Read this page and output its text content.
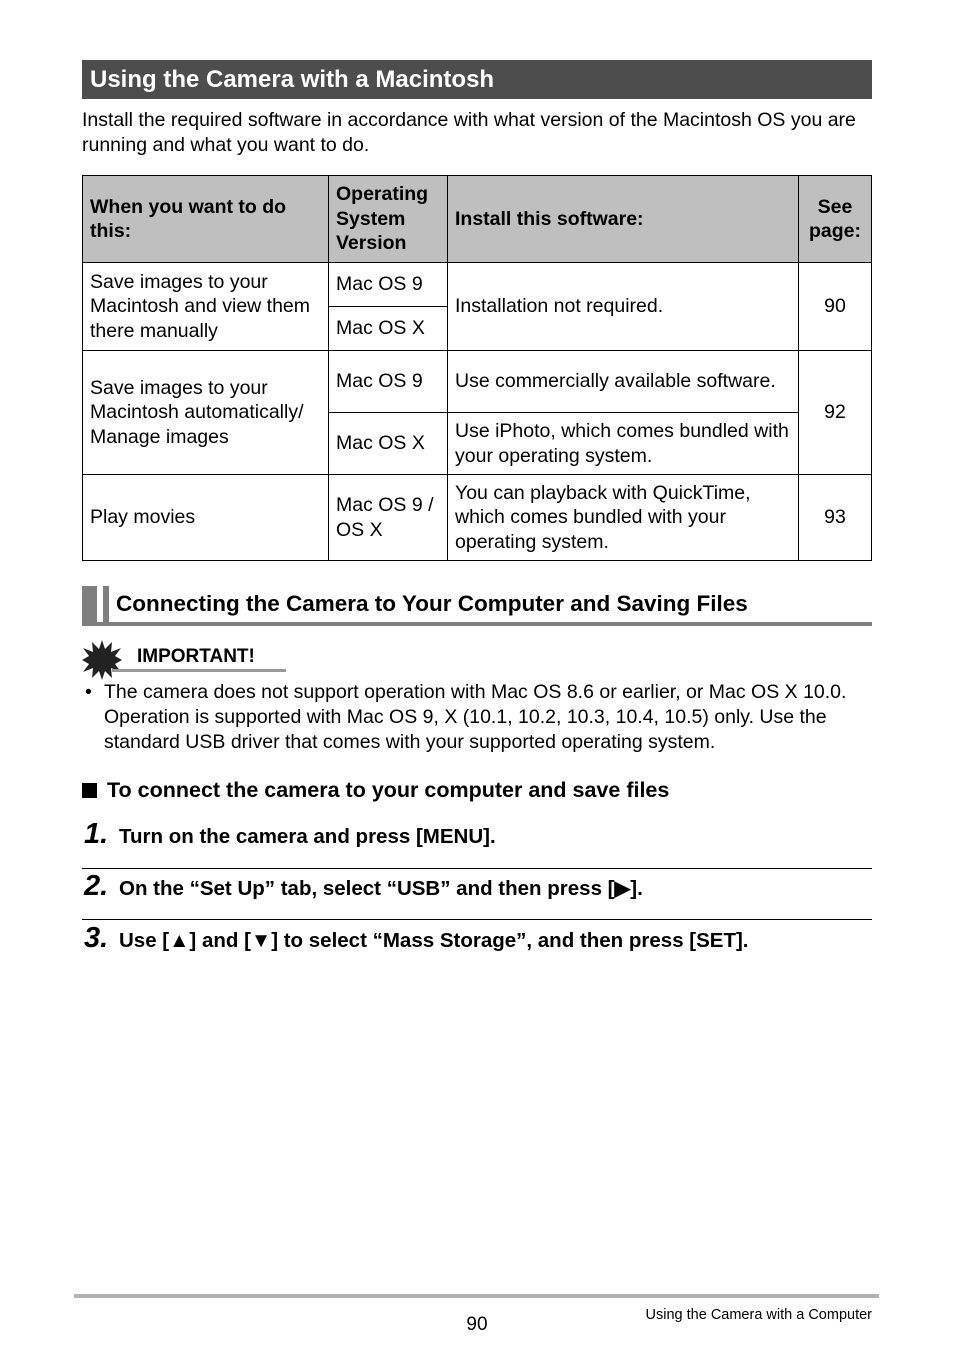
Using the Camera with a Macintosh
Install the required software in accordance with what version of the Macintosh OS you are running and what you want to do.
When you want to do this:	Operating System Version	Install this software:	See page:
Save images to your Macintosh and view them there manually	Mac OS 9	Installation not required.	90
	Mac OS X		
Save images to your Macintosh automatically/ Manage images	Mac OS 9	Use commercially available software.	92
	Mac OS X	Use iPhoto, which comes bundled with your operating system.	
Play movies	Mac OS 9 / OS X	You can playback with QuickTime, which comes bundled with your operating system.	93
Connecting the Camera to Your Computer and Saving Files
IMPORTANT!
• The camera does not support operation with Mac OS 8.6 or earlier, or Mac OS X 10.0. Operation is supported with Mac OS 9, X (10.1, 10.2, 10.3, 10.4, 10.5) only. Use the standard USB driver that comes with your supported operating system.
To connect the camera to your computer and save files
1. Turn on the camera and press [MENU].
2. On the “Set Up” tab, select “USB” and then press [▶].
3. Use [▲] and [▼] to select “Mass Storage”, and then press [SET].
90	Using the Camera with a Computer
